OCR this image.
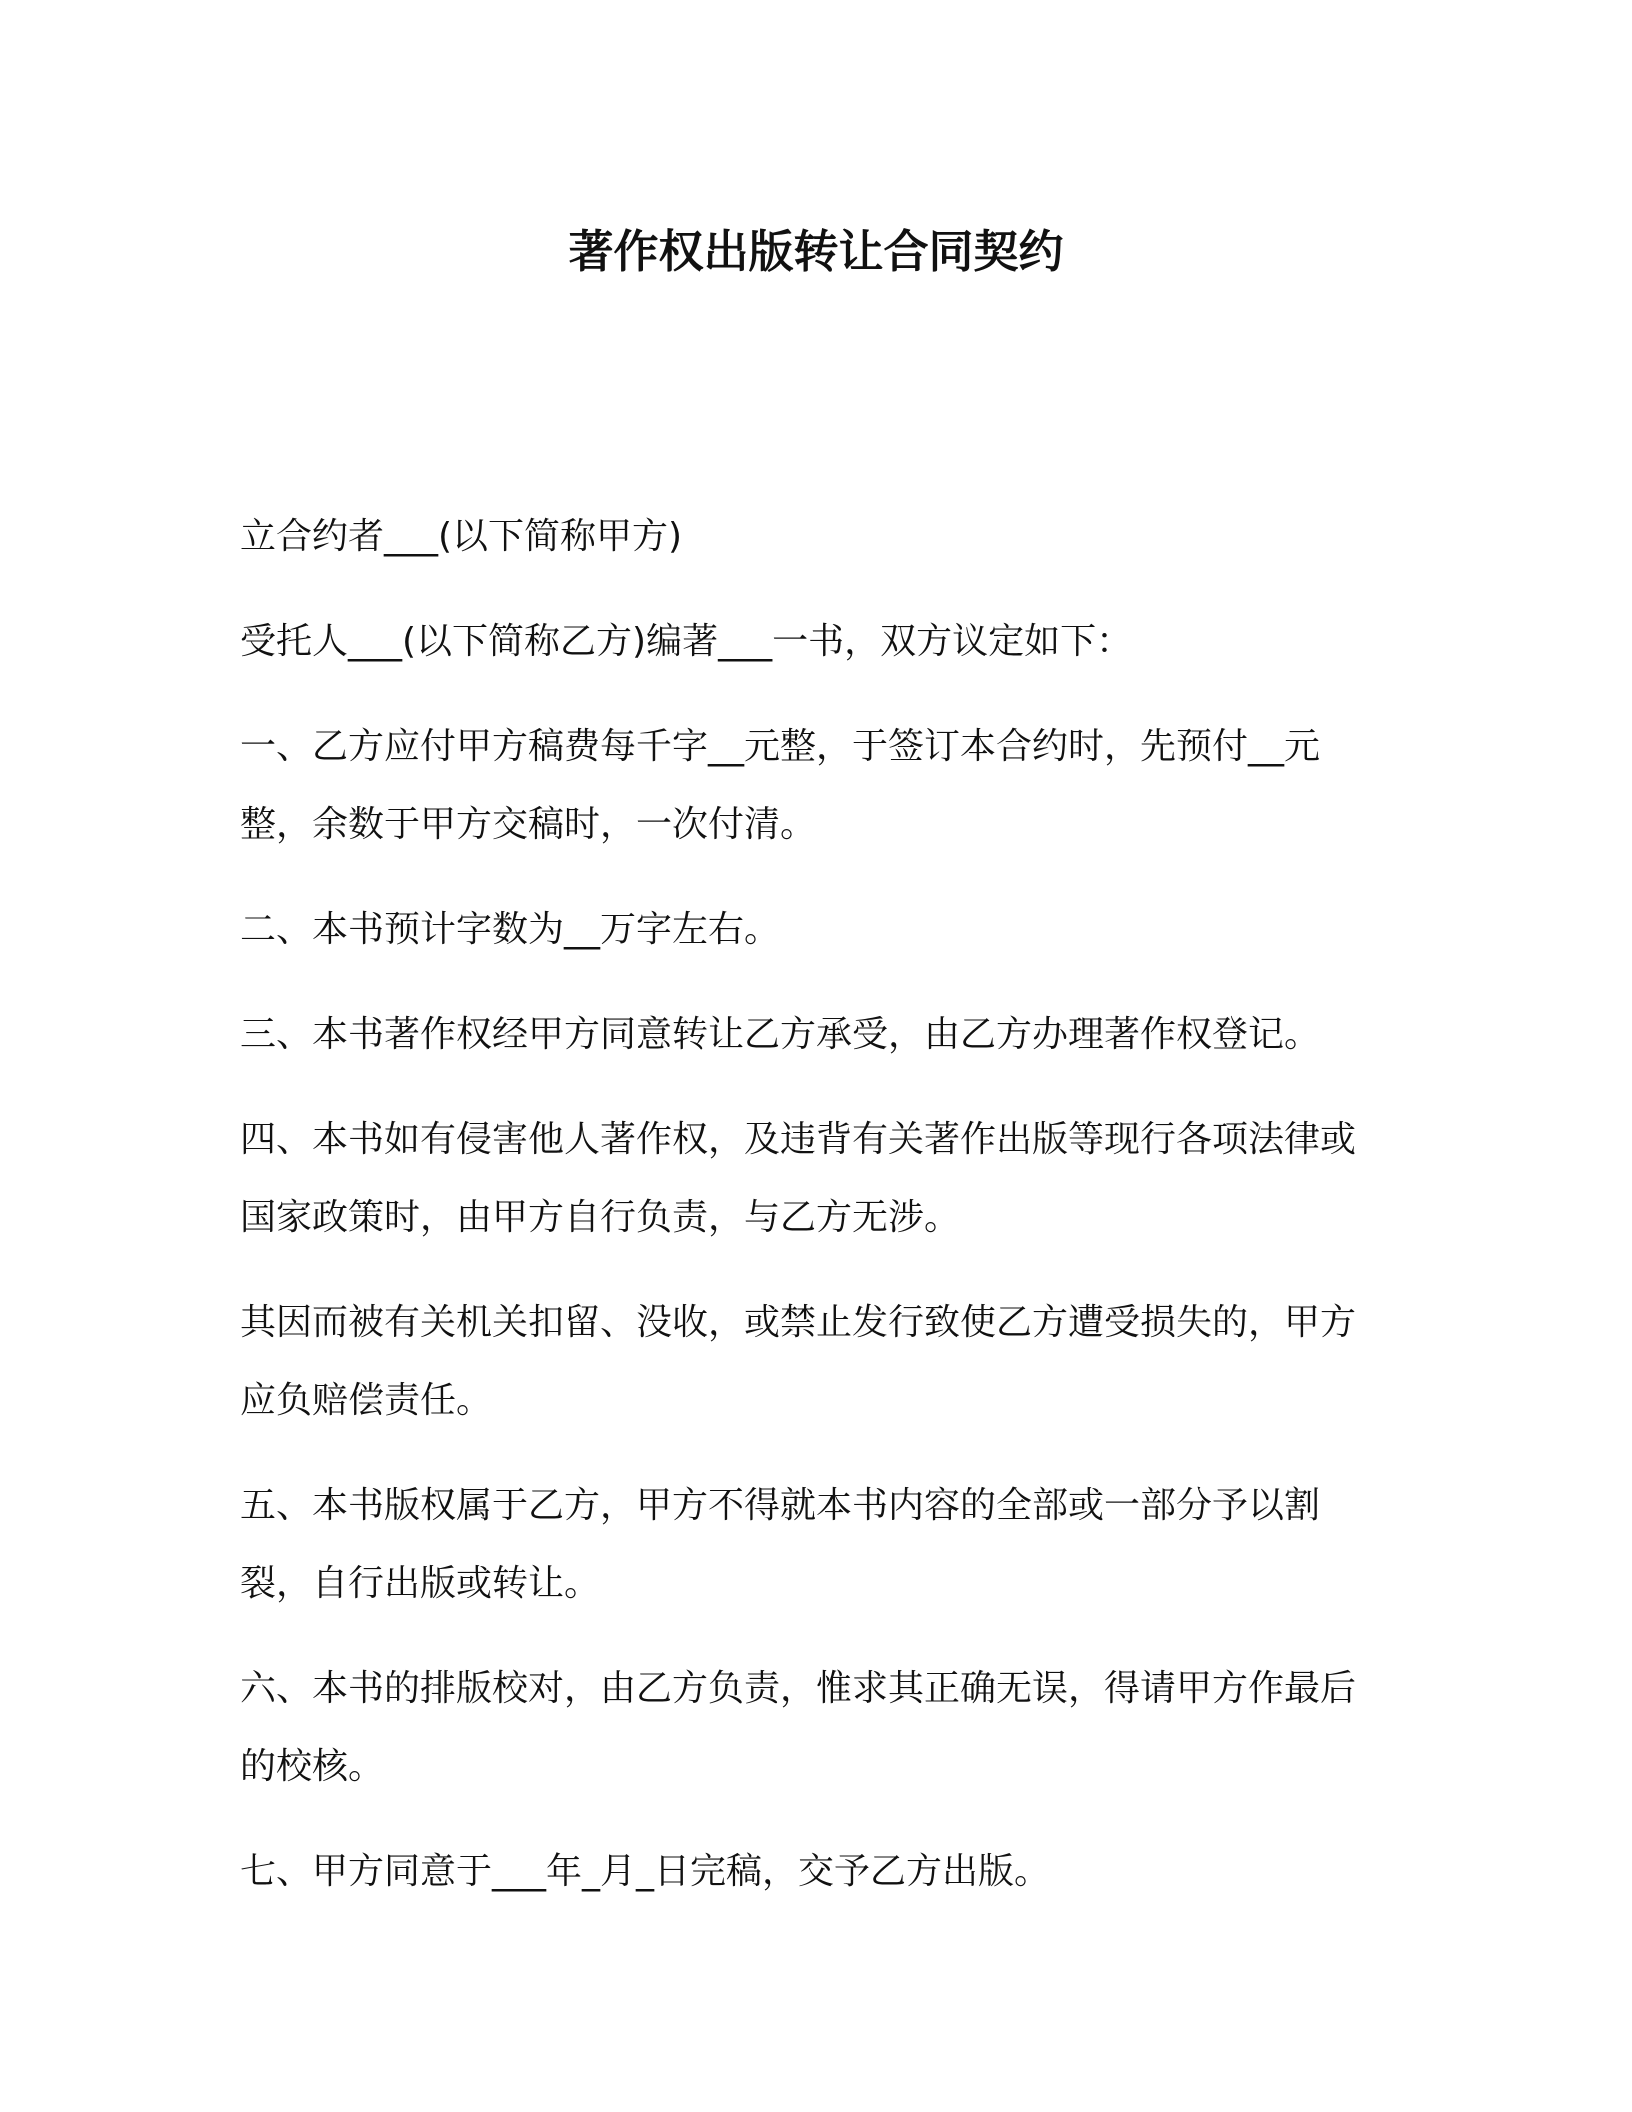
著作权出版转让合同契约

立合约者___(以下简称甲方)

受托人___(以下简称乙方)编著___一书，双方议定如下：

一、乙方应付甲方稿费每千字__元整，于签订本合约时，先预付__元整，余数于甲方交稿时，一次付清。

二、本书预计字数为__万字左右。

三、本书著作权经甲方同意转让乙方承受，由乙方办理著作权登记。

四、本书如有侵害他人著作权，及违背有关著作出版等现行各项法律或国家政策时，由甲方自行负责，与乙方无涉。

其因而被有关机关扣留、没收，或禁止发行致使乙方遭受损失的，甲方应负赔偿责任。

五、本书版权属于乙方，甲方不得就本书内容的全部或一部分予以割裂，自行出版或转让。

六、本书的排版校对，由乙方负责，惟求其正确无误，得请甲方作最后的校核。

七、甲方同意于___年_月_日完稿，交予乙方出版。
